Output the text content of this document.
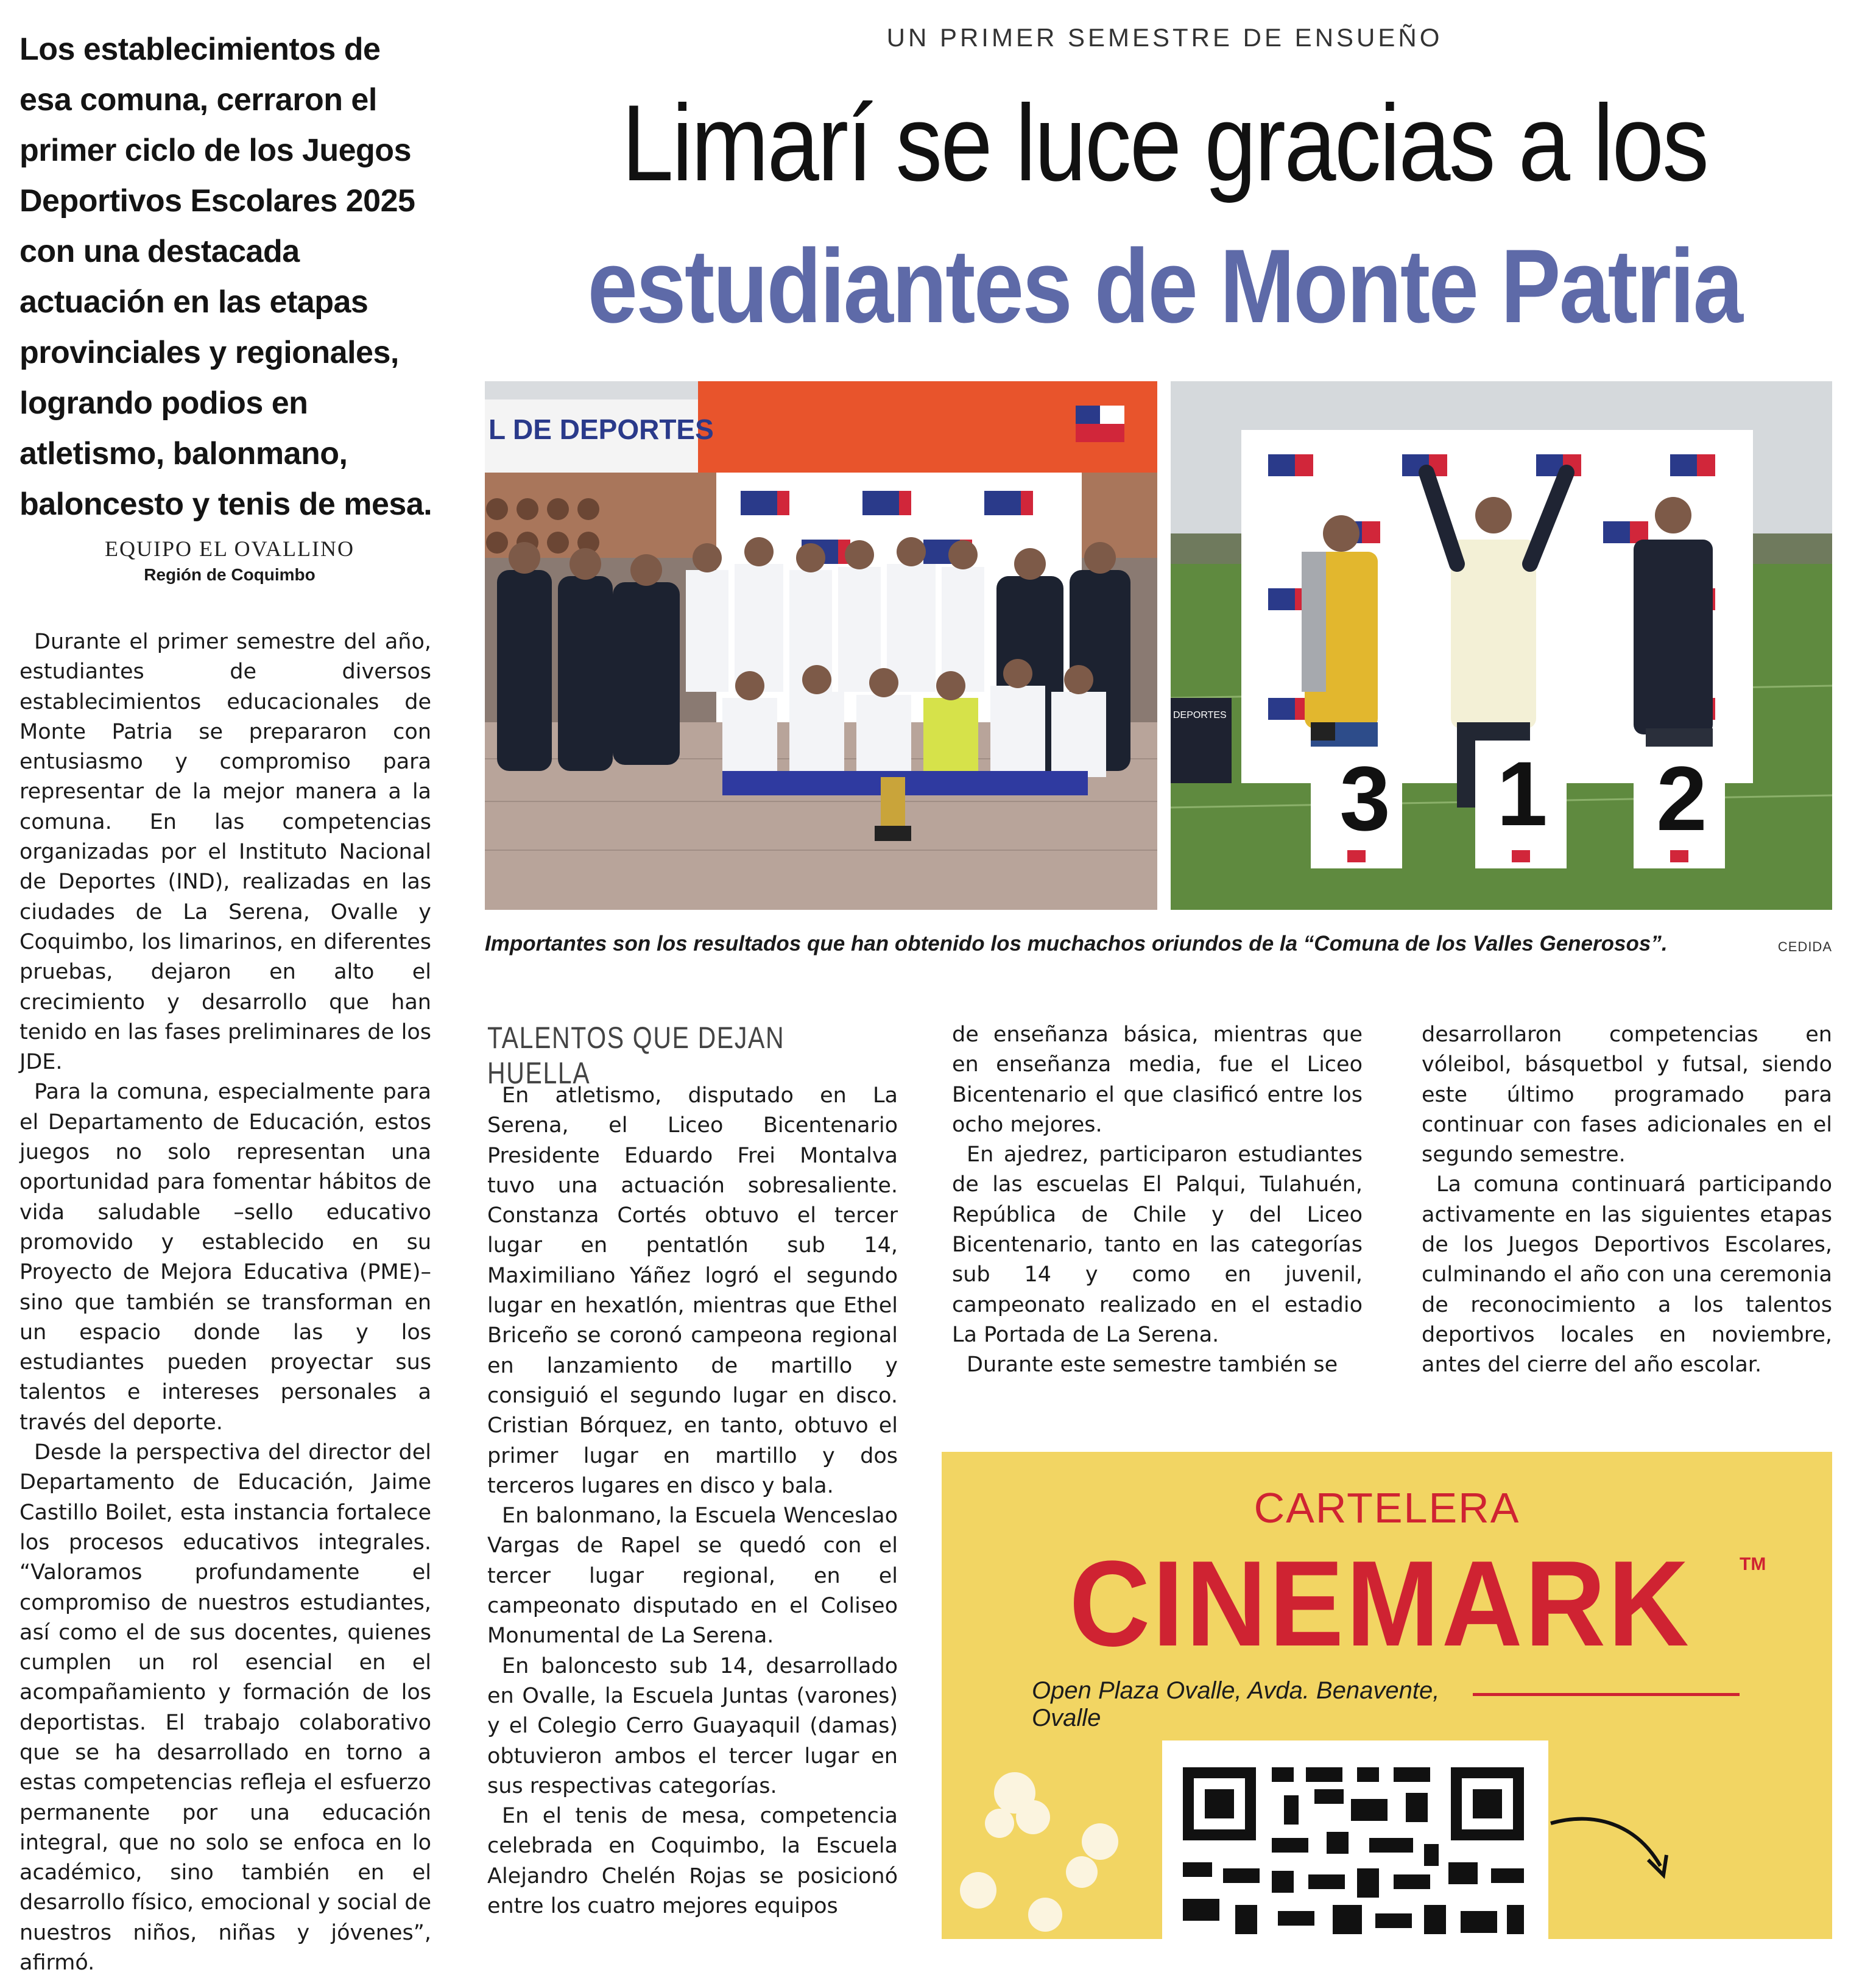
Los establecimientos de esa comuna, cerraron el primer ciclo de los Juegos Deportivos Escolares 2025 con una destacada actuación en las etapas provinciales y regionales, logrando podios en atletismo, balonmano, baloncesto y tenis de mesa.
EQUIPO EL OVALLINO
Región de Coquimbo

Durante el primer semestre del año, estudiantes de diversos establecimientos educacionales de Monte Patria se prepararon con entusiasmo y compromiso para representar de la mejor manera a la comuna. En las competencias organizadas por el Instituto Nacional de Deportes (IND), realizadas en las ciudades de La Serena, Ovalle y Coquimbo, los limarinos, en diferentes pruebas, dejaron en alto el crecimiento y desarrollo que han tenido en las fases preliminares de los JDE.

Para la comuna, especialmente para el Departamento de Educación, estos juegos no solo representan una oportunidad para fomentar hábitos de vida saludable –sello educativo promovido y establecido en su Proyecto de Mejora Educativa (PME)– sino que también se transforman en un espacio donde las y los estudiantes pueden proyectar sus talentos e intereses personales a través del deporte.

Desde la perspectiva del director del Departamento de Educación, Jaime Castillo Boilet, esta instancia fortalece los procesos educativos integrales. “Valoramos profundamente el compromiso de nuestros estudiantes, así como el de sus docentes, quienes cumplen un rol esencial en el acompañamiento y formación de los deportistas. El trabajo colaborativo que se ha desarrollado en torno a estas competencias refleja el esfuerzo permanente por una educación integral, que no solo se enfoca en lo académico, sino también en el desarrollo físico, emocional y social de nuestros niños, niñas y jóvenes”, afirmó.

UN PRIMER SEMESTRE DE ENSUEÑO
Limarí se luce gracias a los
estudiantes de Monte Patria
L DE DEPORTES
3 1 2
DEPORTES
Importantes son los resultados que han obtenido los muchachos oriundos de la “Comuna de los Valles Generosos”.	CEDIDA
TALENTOS QUE DEJAN HUELLA

En atletismo, disputado en La Serena, el Liceo Bicentenario Presidente Eduardo Frei Montalva tuvo una actuación sobresaliente. Constanza Cortés obtuvo el tercer lugar en pentatlón sub 14, Maximiliano Yáñez logró el segundo lugar en hexatlón, mientras que Ethel Briceño se coronó campeona regional en lanzamiento de martillo y consiguió el segundo lugar en disco. Cristian Bórquez, en tanto, obtuvo el primer lugar en martillo y dos terceros lugares en disco y bala.

En balonmano, la Escuela Wenceslao Vargas de Rapel se quedó con el tercer lugar regional, en el campeonato disputado en el Coliseo Monumental de La Serena.

En baloncesto sub 14, desarrollado en Ovalle, la Escuela Juntas (varones) y el Colegio Cerro Guayaquil (damas) obtuvieron ambos el tercer lugar en sus respectivas categorías.

En el tenis de mesa, competencia celebrada en Coquimbo, la Escuela Alejandro Chelén Rojas se posicionó entre los cuatro mejores equipos

de enseñanza básica, mientras que en enseñanza media, fue el Liceo Bicentenario el que clasificó entre los ocho mejores.

En ajedrez, participaron estudiantes de las escuelas El Palqui, Tulahuén, República de Chile y del Liceo Bicentenario, tanto en las categorías sub 14 y como en juvenil, campeonato realizado en el estadio La Portada de La Serena.

Durante este semestre también se

desarrollaron competencias en vóleibol, básquetbol y futsal, siendo este último programado para continuar con fases adicionales en el segundo semestre.

La comuna continuará participando activamente en las siguientes etapas de los Juegos Deportivos Escolares, culminando el año con una ceremonia de reconocimiento a los talentos deportivos locales en noviembre, antes del cierre del año escolar.

CARTELERA
CINEMARK	TM
Open Plaza Ovalle, Avda. Benavente, Ovalle
